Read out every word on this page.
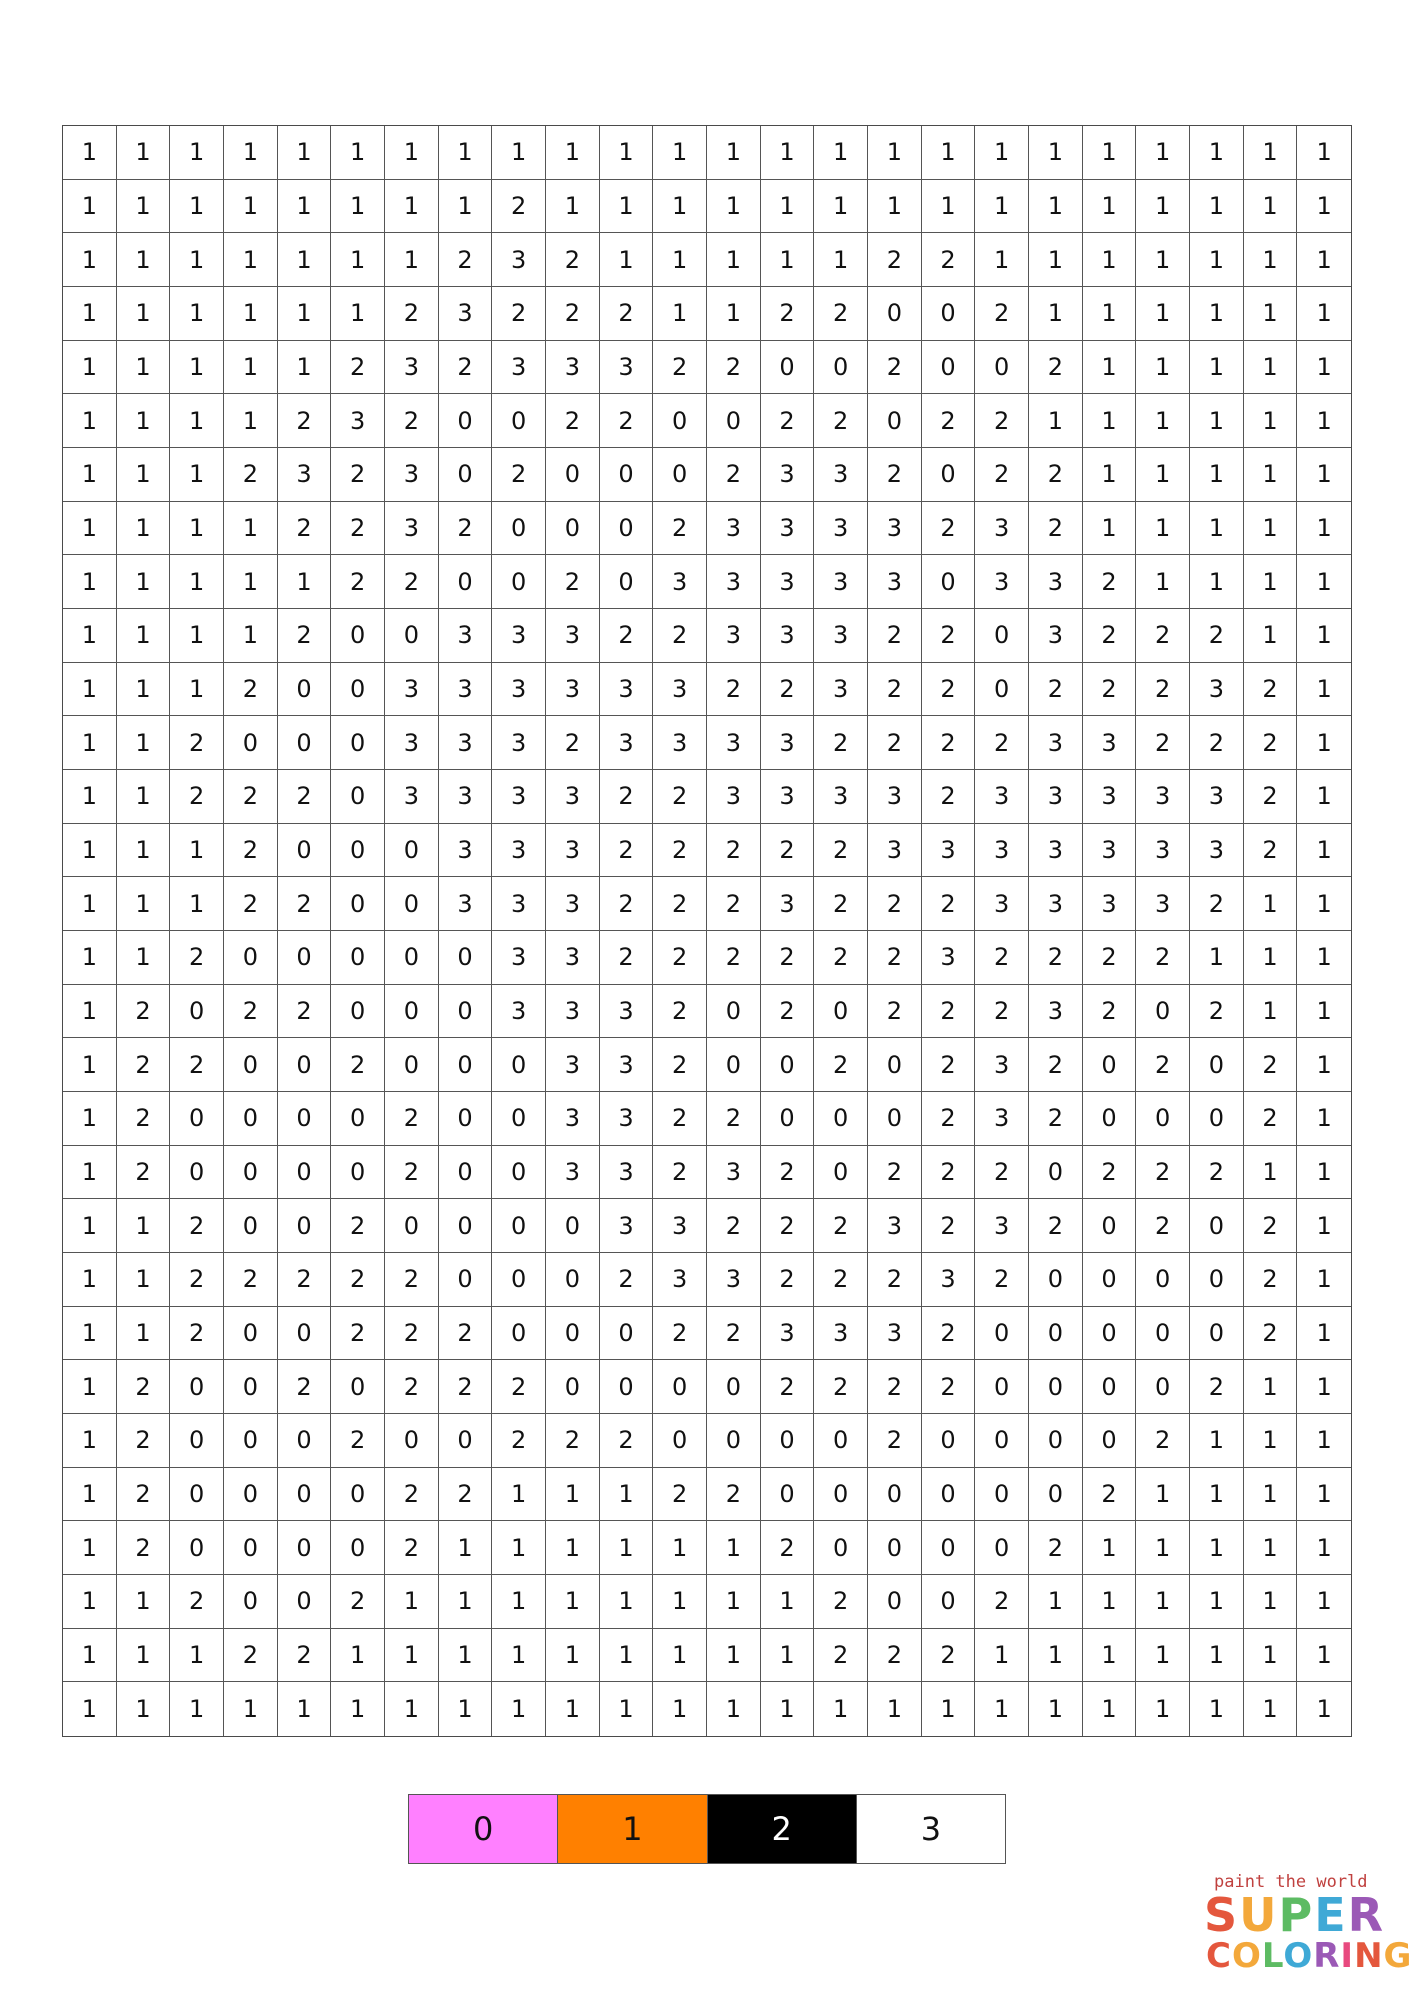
1	1	1	1	1	1	1	1	1	1	1	1	1	1	1	1	1	1	1	1	1	1	1	1
1	1	1	1	1	1	1	1	2	1	1	1	1	1	1	1	1	1	1	1	1	1	1	1
1	1	1	1	1	1	1	2	3	2	1	1	1	1	1	2	2	1	1	1	1	1	1	1
1	1	1	1	1	1	2	3	2	2	2	1	1	2	2	0	0	2	1	1	1	1	1	1
1	1	1	1	1	2	3	2	3	3	3	2	2	0	0	2	0	0	2	1	1	1	1	1
1	1	1	1	2	3	2	0	0	2	2	0	0	2	2	0	2	2	1	1	1	1	1	1
1	1	1	2	3	2	3	0	2	0	0	0	2	3	3	2	0	2	2	1	1	1	1	1
1	1	1	1	2	2	3	2	0	0	0	2	3	3	3	3	2	3	2	1	1	1	1	1
1	1	1	1	1	2	2	0	0	2	0	3	3	3	3	3	0	3	3	2	1	1	1	1
1	1	1	1	2	0	0	3	3	3	2	2	3	3	3	2	2	0	3	2	2	2	1	1
1	1	1	2	0	0	3	3	3	3	3	3	2	2	3	2	2	0	2	2	2	3	2	1
1	1	2	0	0	0	3	3	3	2	3	3	3	3	2	2	2	2	3	3	2	2	2	1
1	1	2	2	2	0	3	3	3	3	2	2	3	3	3	3	2	3	3	3	3	3	2	1
1	1	1	2	0	0	0	3	3	3	2	2	2	2	2	3	3	3	3	3	3	3	2	1
1	1	1	2	2	0	0	3	3	3	2	2	2	3	2	2	2	3	3	3	3	2	1	1
1	1	2	0	0	0	0	0	3	3	2	2	2	2	2	2	3	2	2	2	2	1	1	1
1	2	0	2	2	0	0	0	3	3	3	2	0	2	0	2	2	2	3	2	0	2	1	1
1	2	2	0	0	2	0	0	0	3	3	2	0	0	2	0	2	3	2	0	2	0	2	1
1	2	0	0	0	0	2	0	0	3	3	2	2	0	0	0	2	3	2	0	0	0	2	1
1	2	0	0	0	0	2	0	0	3	3	2	3	2	0	2	2	2	0	2	2	2	1	1
1	1	2	0	0	2	0	0	0	0	3	3	2	2	2	3	2	3	2	0	2	0	2	1
1	1	2	2	2	2	2	0	0	0	2	3	3	2	2	2	3	2	0	0	0	0	2	1
1	1	2	0	0	2	2	2	0	0	0	2	2	3	3	3	2	0	0	0	0	0	2	1
1	2	0	0	2	0	2	2	2	0	0	0	0	2	2	2	2	0	0	0	0	2	1	1
1	2	0	0	0	2	0	0	2	2	2	0	0	0	0	2	0	0	0	0	2	1	1	1
1	2	0	0	0	0	2	2	1	1	1	2	2	0	0	0	0	0	0	2	1	1	1	1
1	2	0	0	0	0	2	1	1	1	1	1	1	2	0	0	0	0	2	1	1	1	1	1
1	1	2	0	0	2	1	1	1	1	1	1	1	1	2	0	0	2	1	1	1	1	1	1
1	1	1	2	2	1	1	1	1	1	1	1	1	1	2	2	2	1	1	1	1	1	1	1
1	1	1	1	1	1	1	1	1	1	1	1	1	1	1	1	1	1	1	1	1	1	1	1
0	1	2	3
paint the world
SUPER
COLORING
